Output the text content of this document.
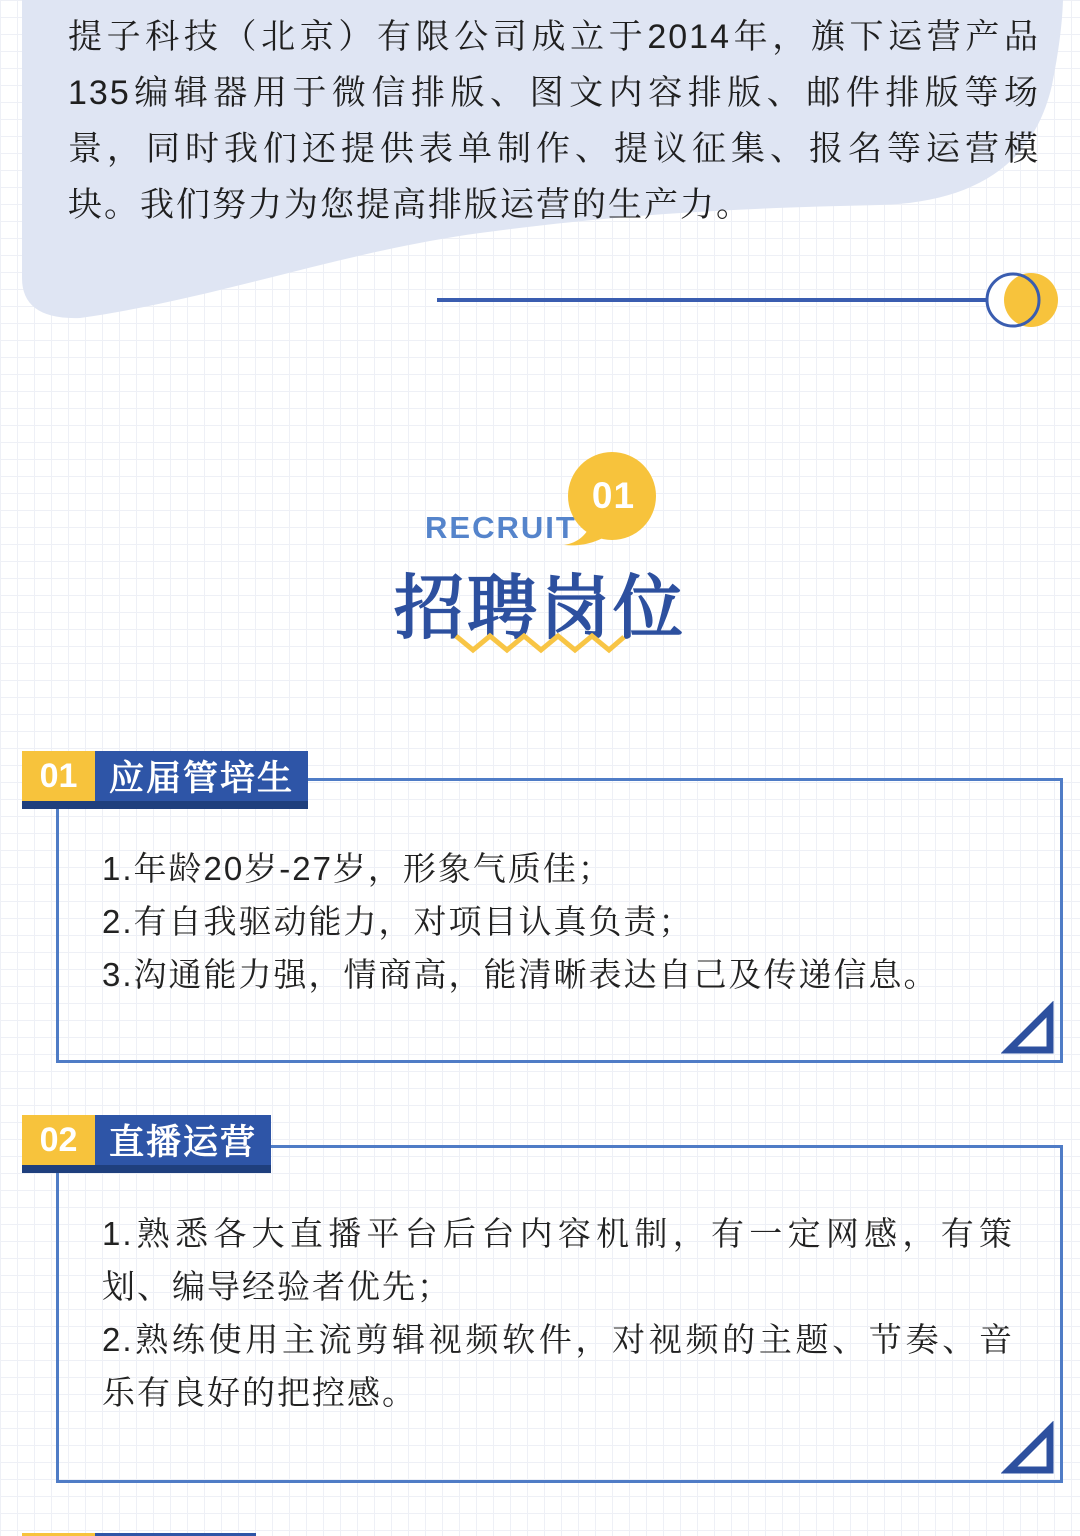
提子科技（北京）有限公司成立于2014年，旗下运营产品
135编辑器用于微信排版、图文内容排版、邮件排版等场
景，同时我们还提供表单制作、提议征集、报名等运营模
块。我们努力为您提高排版运营的生产力。
RECRUIT
01
招聘岗位
01 应届管培生
1.年龄20岁-27岁，形象气质佳；
2.有自我驱动能力，对项目认真负责；
3.沟通能力强，情商高，能清晰表达自己及传递信息。
02 直播运营
1.熟悉各大直播平台后台内容机制，有一定网感，有策
划、编导经验者优先；
2.熟练使用主流剪辑视频软件，对视频的主题、节奏、音
乐有良好的把控感。
